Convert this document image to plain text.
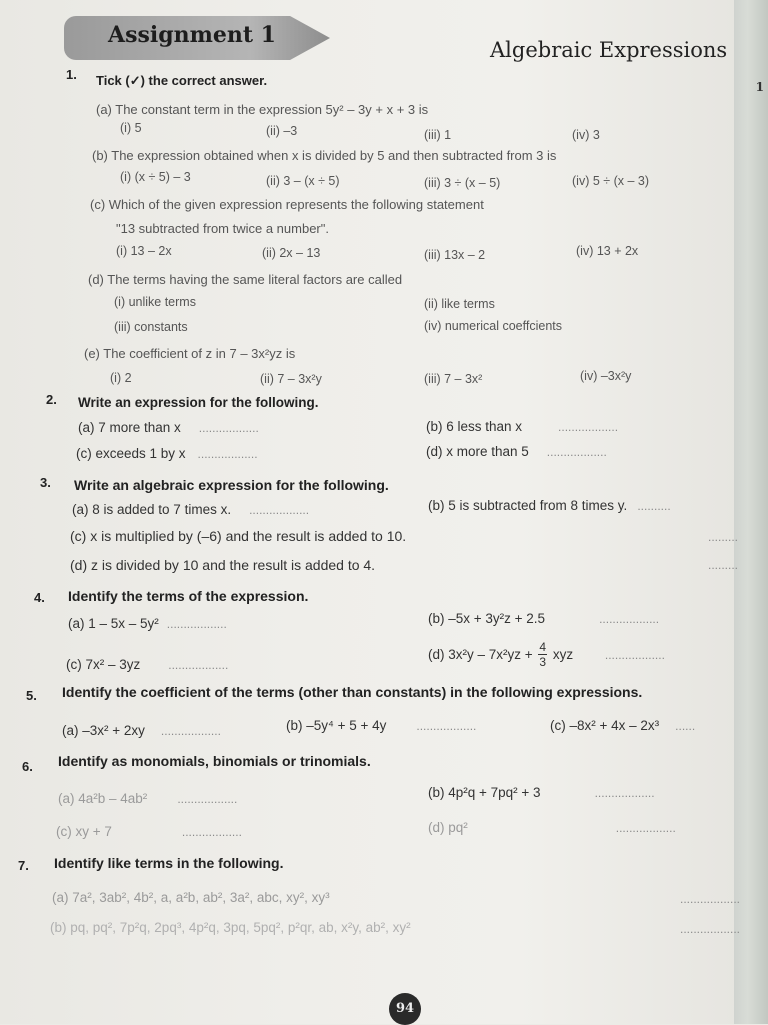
1
Assignment 1
Algebraic Expressions
1. Tick (✓) the correct answer.
(a) The constant term in the expression 5y² – 3y + x + 3 is
(i) 5	(ii) –3	(iii) 1	(iv) 3
(b) The expression obtained when x is divided by 5 and then subtracted from 3 is
(i) (x ÷ 5) – 3	(ii) 3 – (x ÷ 5)	(iii) 3 ÷ (x – 5)	(iv) 5 ÷ (x – 3)
(c) Which of the given expression represents the following statement
"13 subtracted from twice a number".
(i) 13 – 2x	(ii) 2x – 13	(iii) 13x – 2	(iv) 13 + 2x
(d) The terms having the same literal factors are called
(i) unlike terms	(ii) like terms
(iii) constants	(iv) numerical coeffcients
(e) The coefficient of z in 7 – 3x²yz is
(i) 2	(ii) 7 – 3x²y	(iii) 7 – 3x²	(iv) –3x²y
2. Write an expression for the following.
(a) 7 more than x ..................	(b) 6 less than x	..................
(c) exceeds 1 by x ..................	(d) x more than 5 ..................
3. Write an algebraic expression for the following.
(a) 8 is added to 7 times x. ..................	(b) 5 is subtracted from 8 times y. ..........
(c) x is multiplied by (–6) and the result is added to 10.	.........
(d) z is divided by 10 and the result is added to 4.	.........
4. Identify the terms of the expression.
(a) 1 – 5x – 5y² ..................	(b) –5x + 3y²z + 2.5	..................
(c) 7x² – 3yz ..................
(d) $3x^2y - 7x^2yz + \frac{4}{3}$ xyz	..................
5. Identify the coefficient of the terms (other than constants) in the following expressions.
(a) –3x² + 2xy ..................	(b) –5y⁴ + 5 + 4y	..................	(c) –8x² + 4x – 2x³ ......
6. Identify as monomials, binomials or trinomials.
(a) 4a²b – 4ab²	..................	(b) 4p²q + 7pq² + 3	..................
(c) xy + 7	..................	(d) pq²	..................
7. Identify like terms in the following.
(a) 7a², 3ab², 4b², a, a²b, ab², 3a², abc, xy², xy³	..................
(b) pq, pq², 7p²q, 2pq³, 4p²q, 3pq, 5pq², p²qr, ab, x²y, ab², xy²	..................
94
